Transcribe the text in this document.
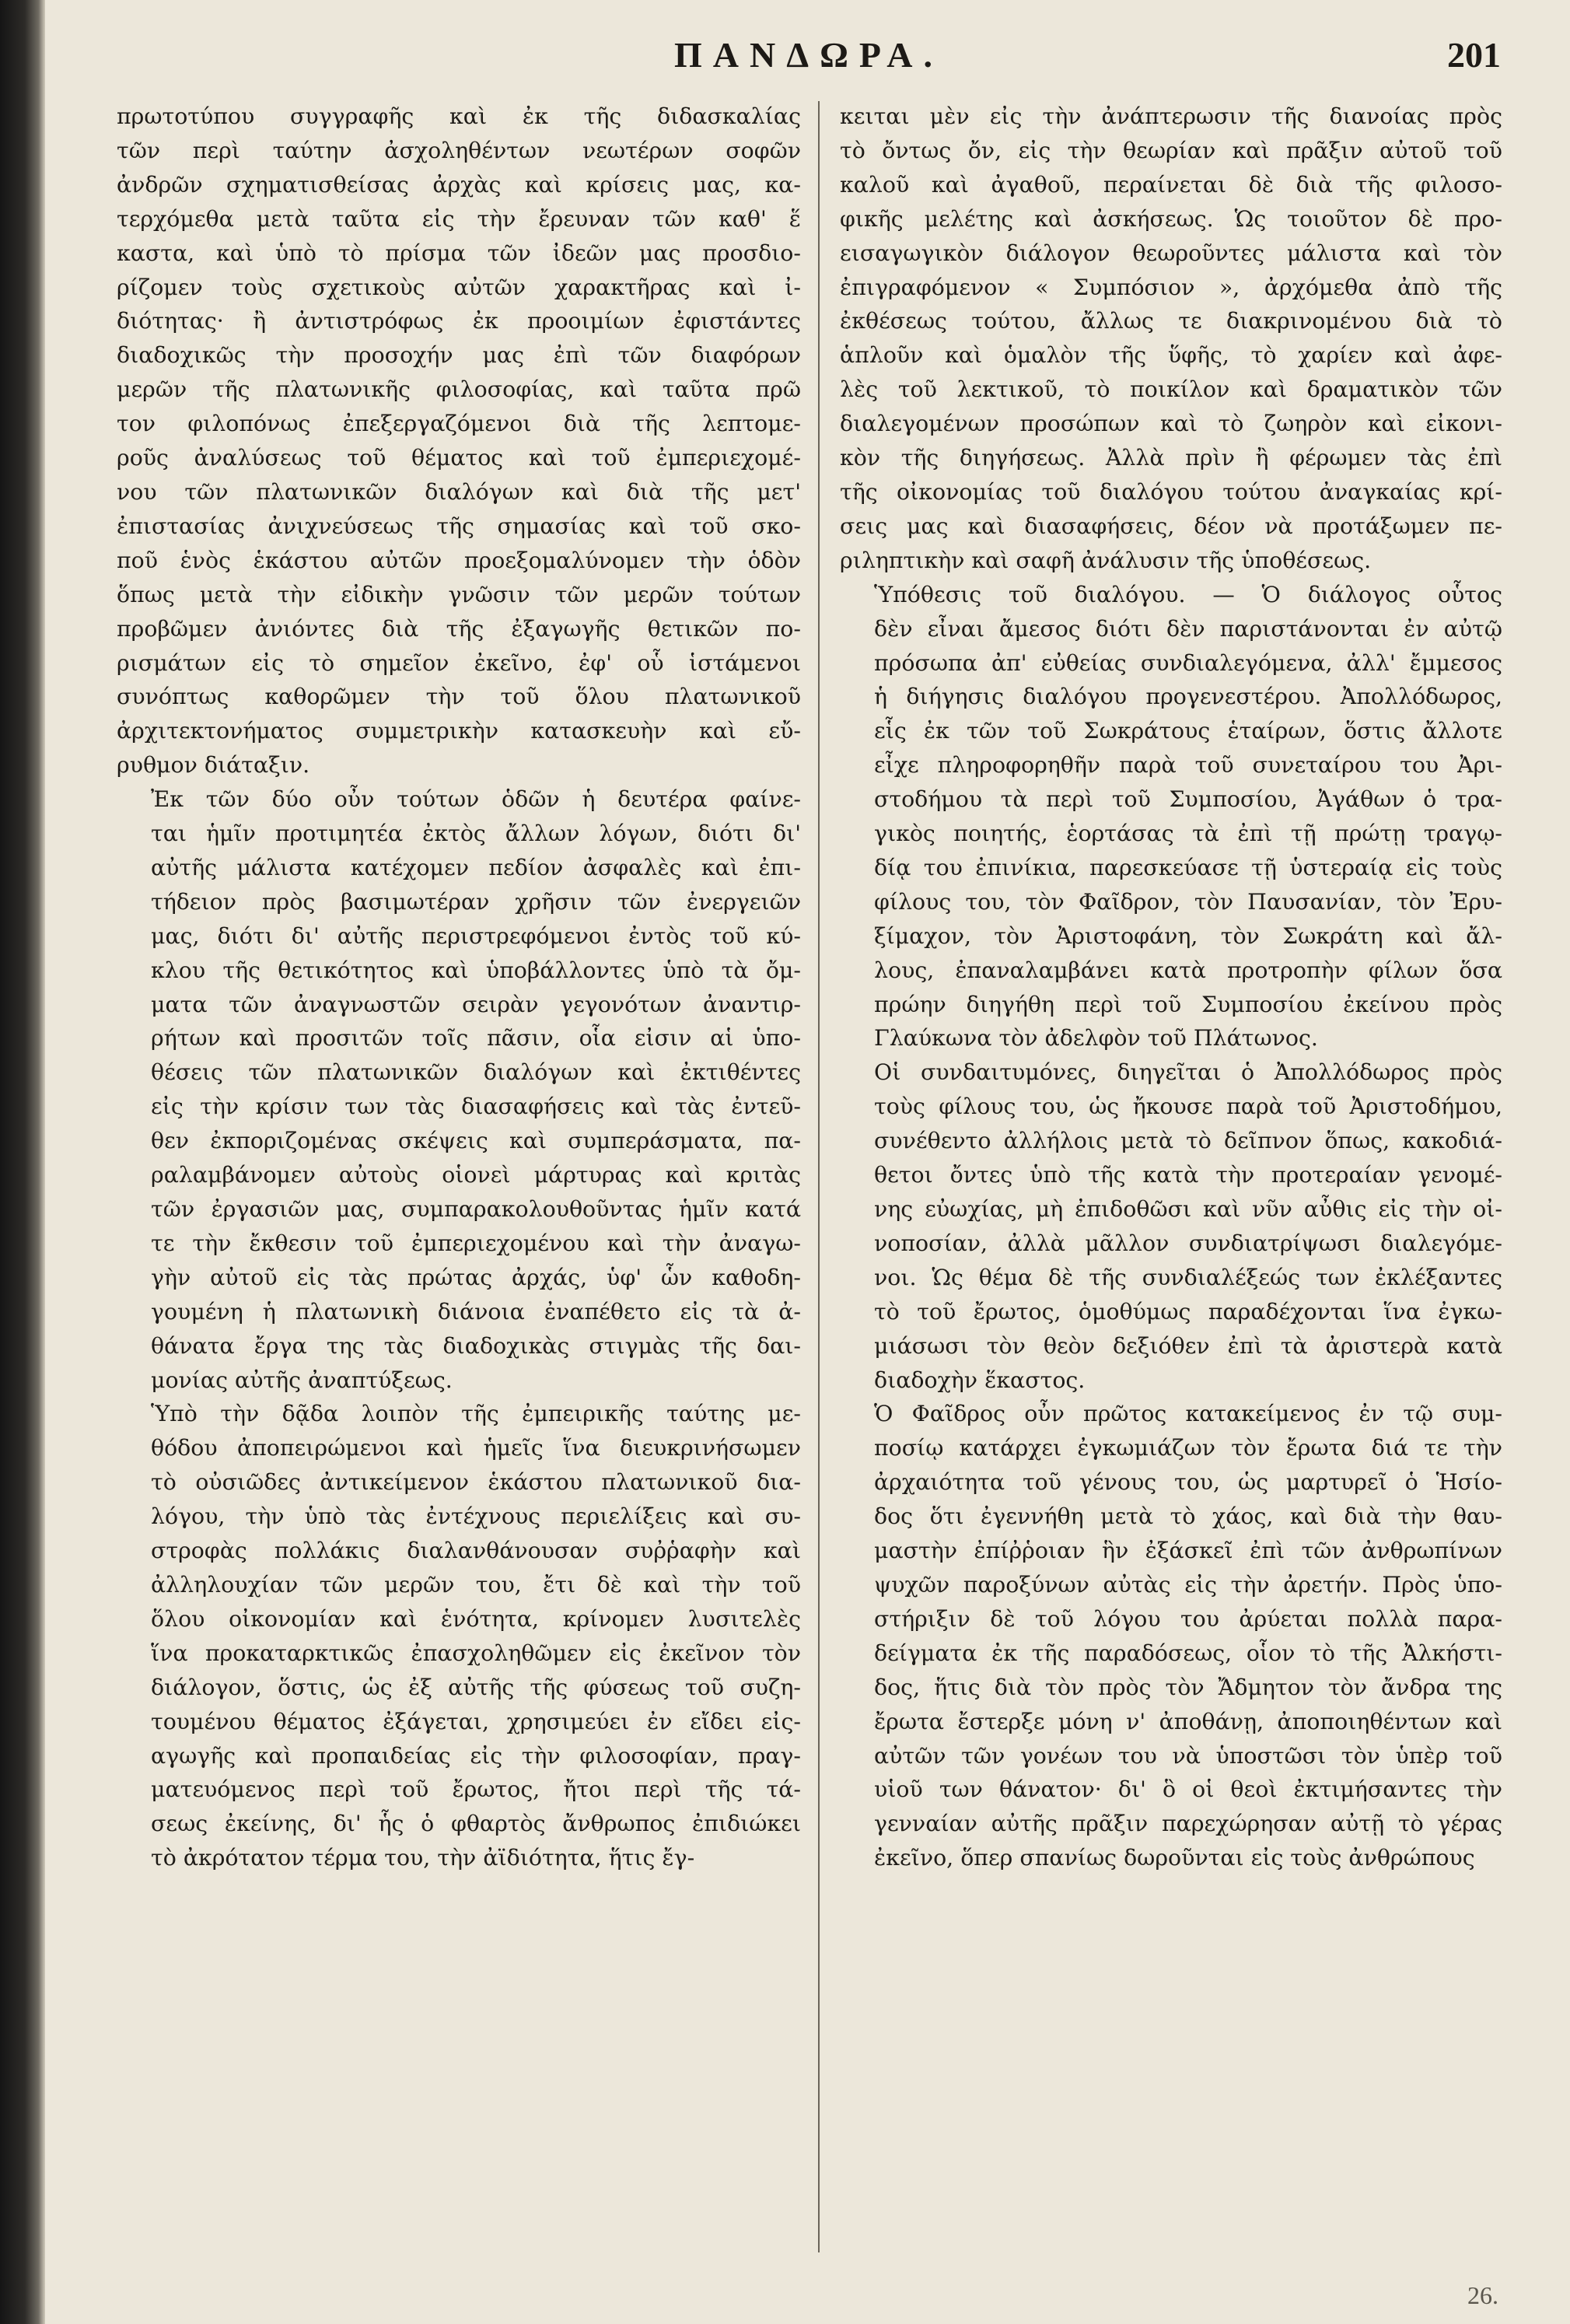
ΠΑΝΔΩΡΑ.	201

πρωτοτύπου συγγραφῆς καὶ ἐκ τῆς διδασκαλίας
τῶν περὶ ταύτην ἀσχοληθέντων νεωτέρων σοφῶν
ἀνδρῶν σχηματισθείσας ἀρχὰς καὶ κρίσεις μας, κα-
τερχόμεθα μετὰ ταῦτα εἰς τὴν ἔρευναν τῶν καθ' ἕ
καστα, καὶ ὑπὸ τὸ πρίσμα τῶν ἰδεῶν μας προσδιο-
ρίζομεν τοὺς σχετικοὺς αὐτῶν χαρακτῆρας καὶ ἰ-
διότητας· ἢ ἀντιστρόφως ἐκ προοιμίων ἐφιστάντες
διαδοχικῶς τὴν προσοχήν μας ἐπὶ τῶν διαφόρων
μερῶν τῆς πλατωνικῆς φιλοσοφίας, καὶ ταῦτα πρῶ
τον φιλοπόνως ἐπεξεργαζόμενοι διὰ τῆς λεπτομε-
ροῦς ἀναλύσεως τοῦ θέματος καὶ τοῦ ἐμπεριεχομέ-
νου τῶν πλατωνικῶν διαλόγων καὶ διὰ τῆς μετ'
ἐπιστασίας ἀνιχνεύσεως τῆς σημασίας καὶ τοῦ σκο-
ποῦ ἑνὸς ἑκάστου αὐτῶν προεξομαλύνομεν τὴν ὁδὸν
ὅπως μετὰ τὴν εἰδικὴν γνῶσιν τῶν μερῶν τούτων
προβῶμεν ἀνιόντες διὰ τῆς ἐξαγωγῆς θετικῶν πο-
ρισμάτων εἰς τὸ σημεῖον ἐκεῖνο, ἐφ' οὗ ἱστάμενοι
συνόπτως καθορῶμεν τὴν τοῦ ὅλου πλατωνικοῦ
ἀρχιτεκτονήματος συμμετρικὴν κατασκευὴν καὶ εὔ-
ρυθμον διάταξιν.

Ἐκ τῶν δύο οὖν τούτων ὁδῶν ἡ δευτέρα φαίνε-
ται ἡμῖν προτιμητέα ἐκτὸς ἄλλων λόγων, διότι δι'
αὐτῆς μάλιστα κατέχομεν πεδίον ἀσφαλὲς καὶ ἐπι-
τήδειον πρὸς βασιμωτέραν χρῆσιν τῶν ἐνεργειῶν
μας, διότι δι' αὐτῆς περιστρεφόμενοι ἐντὸς τοῦ κύ-
κλου τῆς θετικότητος καὶ ὑποβάλλοντες ὑπὸ τὰ ὄμ-
ματα τῶν ἀναγνωστῶν σειρὰν γεγονότων ἀναντιρ-
ρήτων καὶ προσιτῶν τοῖς πᾶσιν, οἷα εἰσιν αἱ ὑπο-
θέσεις τῶν πλατωνικῶν διαλόγων καὶ ἐκτιθέντες
εἰς τὴν κρίσιν των τὰς διασαφήσεις καὶ τὰς ἐντεῦ-
θεν ἐκποριζομένας σκέψεις καὶ συμπεράσματα, πα-
ραλαμβάνομεν αὐτοὺς οἱονεὶ μάρτυρας καὶ κριτὰς
τῶν ἐργασιῶν μας, συμπαρακολουθοῦντας ἡμῖν κατά
τε τὴν ἔκθεσιν τοῦ ἐμπεριεχομένου καὶ τὴν ἀναγω-
γὴν αὐτοῦ εἰς τὰς πρώτας ἀρχάς, ὑφ' ὧν καθοδη-
γουμένη ἡ πλατωνικὴ διάνοια ἐναπέθετο εἰς τὰ ἀ-
θάνατα ἔργα της τὰς διαδοχικὰς στιγμὰς τῆς δαι-
μονίας αὐτῆς ἀναπτύξεως.

Ὑπὸ τὴν δᾷδα λοιπὸν τῆς ἐμπειρικῆς ταύτης με-
θόδου ἀποπειρώμενοι καὶ ἡμεῖς ἵνα διευκρινήσωμεν
τὸ οὐσιῶδες ἀντικείμενον ἑκάστου πλατωνικοῦ δια-
λόγου, τὴν ὑπὸ τὰς ἐντέχνους περιελίξεις καὶ συ-
στροφὰς πολλάκις διαλανθάνουσαν συῤῥαφὴν καὶ
ἀλληλουχίαν τῶν μερῶν του, ἔτι δὲ καὶ τὴν τοῦ
ὅλου οἰκονομίαν καὶ ἑνότητα, κρίνομεν λυσιτελὲς
ἵνα προκαταρκτικῶς ἐπασχοληθῶμεν εἰς ἐκεῖνον τὸν
διάλογον, ὅστις, ὡς ἐξ αὐτῆς τῆς φύσεως τοῦ συζη-
τουμένου θέματος ἐξάγεται, χρησιμεύει ἐν εἴδει εἰς-
αγωγῆς καὶ προπαιδείας εἰς τὴν φιλοσοφίαν, πραγ-
ματευόμενος περὶ τοῦ ἔρωτος, ἤτοι περὶ τῆς τά-
σεως ἐκείνης, δι' ἧς ὁ φθαρτὸς ἄνθρωπος ἐπιδιώκει
τὸ ἀκρότατον τέρμα του, τὴν ἀϊδιότητα, ἥτις ἔγ-

κειται μὲν εἰς τὴν ἀνάπτερωσιν τῆς διανοίας πρὸς
τὸ ὄντως ὄν, εἰς τὴν θεωρίαν καὶ πρᾶξιν αὐτοῦ τοῦ
καλοῦ καὶ ἀγαθοῦ, περαίνεται δὲ διὰ τῆς φιλοσο-
φικῆς μελέτης καὶ ἀσκήσεως. Ὡς τοιοῦτον δὲ προ-
εισαγωγικὸν διάλογον θεωροῦντες μάλιστα καὶ τὸν
ἐπιγραφόμενον « Συμπόσιον », ἀρχόμεθα ἀπὸ τῆς
ἐκθέσεως τούτου, ἄλλως τε διακρινομένου διὰ τὸ
ἁπλοῦν καὶ ὁμαλὸν τῆς ὕφῆς, τὸ χαρίεν καὶ ἀφε-
λὲς τοῦ λεκτικοῦ, τὸ ποικίλον καὶ δραματικὸν τῶν
διαλεγομένων προσώπων καὶ τὸ ζωηρὸν καὶ εἰκονι-
κὸν τῆς διηγήσεως. Ἀλλὰ πρὶν ἢ φέρωμεν τὰς ἐπὶ
τῆς οἰκονομίας τοῦ διαλόγου τούτου ἀναγκαίας κρί-
σεις μας καὶ διασαφήσεις, δέον νὰ προτάξωμεν πε-
ριληπτικὴν καὶ σαφῆ ἀνάλυσιν τῆς ὑποθέσεως.

Ὑπόθεσις τοῦ διαλόγου. — Ὁ διάλογος οὗτος
δὲν εἶναι ἄμεσος διότι δὲν παριστάνονται ἐν αὐτῷ
πρόσωπα ἀπ' εὐθείας συνδιαλεγόμενα, ἀλλ' ἔμμεσος
ἡ διήγησις διαλόγου προγενεστέρου. Ἀπολλόδωρος,
εἷς ἐκ τῶν τοῦ Σωκράτους ἑταίρων, ὅστις ἄλλοτε
εἶχε πληροφορηθῆν παρὰ τοῦ συνεταίρου του Ἀρι-
στοδήμου τὰ περὶ τοῦ Συμποσίου, Ἀγάθων ὁ τρα-
γικὸς ποιητής, ἑορτάσας τὰ ἐπὶ τῇ πρώτῃ τραγῳ-
δίᾳ του ἐπινίκια, παρεσκεύασε τῇ ὑστεραίᾳ εἰς τοὺς
φίλους του, τὸν Φαῖδρον, τὸν Παυσανίαν, τὸν Ἐρυ-
ξίμαχον, τὸν Ἀριστοφάνη, τὸν Σωκράτη καὶ ἄλ-
λους, ἐπαναλαμβάνει κατὰ προτροπὴν φίλων ὅσα
πρώην διηγήθη περὶ τοῦ Συμποσίου ἐκείνου πρὸς
Γλαύκωνα τὸν ἀδελφὸν τοῦ Πλάτωνος.

Οἱ συνδαιτυμόνες, διηγεῖται ὁ Ἀπολλόδωρος πρὸς
τοὺς φίλους του, ὡς ἤκουσε παρὰ τοῦ Ἀριστοδήμου,
συνέθεντο ἀλλήλοις μετὰ τὸ δεῖπνον ὅπως, κακοδιά-
θετοι ὄντες ὑπὸ τῆς κατὰ τὴν προτεραίαν γενομέ-
νης εὐωχίας, μὴ ἐπιδοθῶσι καὶ νῦν αὖθις εἰς τὴν οἰ-
νοποσίαν, ἀλλὰ μᾶλλον συνδιατρίψωσι διαλεγόμε-
νοι. Ὡς θέμα δὲ τῆς συνδιαλέξεώς των ἐκλέξαντες
τὸ τοῦ ἔρωτος, ὁμοθύμως παραδέχονται ἵνα ἐγκω-
μιάσωσι τὸν θεὸν δεξιόθεν ἐπὶ τὰ ἀριστερὰ κατὰ
διαδοχὴν ἕκαστος.

Ὁ Φαῖδρος οὖν πρῶτος κατακείμενος ἐν τῷ συμ-
ποσίῳ κατάρχει ἐγκωμιάζων τὸν ἔρωτα διά τε τὴν
ἀρχαιότητα τοῦ γένους του, ὡς μαρτυρεῖ ὁ Ἡσίο-
δος ὅτι ἐγεννήθη μετὰ τὸ χάος, καὶ διὰ τὴν θαυ-
μαστὴν ἐπίῤῥοιαν ἣν ἐξάσκεῖ ἐπὶ τῶν ἀνθρωπίνων
ψυχῶν παροξύνων αὐτὰς εἰς τὴν ἀρετήν. Πρὸς ὑπο-
στήριξιν δὲ τοῦ λόγου του ἀρύεται πολλὰ παρα-
δείγματα ἐκ τῆς παραδόσεως, οἷον τὸ τῆς Ἀλκήστι-
δος, ἥτις διὰ τὸν πρὸς τὸν Ἄδμητον τὸν ἄνδρα της
ἔρωτα ἔστερξε μόνη ν' ἀποθάνῃ, ἀποποιηθέντων καὶ
αὐτῶν τῶν γονέων του νὰ ὑποστῶσι τὸν ὑπὲρ τοῦ
υἱοῦ των θάνατον· δι' ὃ οἱ θεοὶ ἐκτιμήσαντες τὴν
γενναίαν αὐτῆς πρᾶξιν παρεχώρησαν αὐτῇ τὸ γέρας
ἐκεῖνο, ὅπερ σπανίως δωροῦνται εἰς τοὺς ἀνθρώπους

26.
